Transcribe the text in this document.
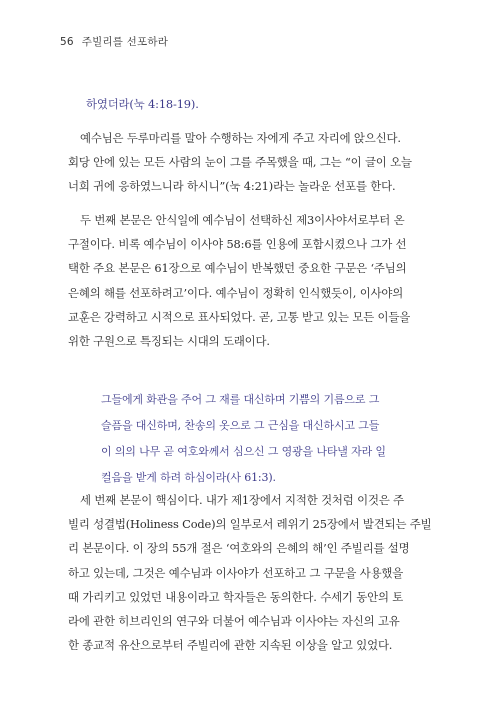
56 주빌리를 선포하라
하였더라(눅 4:18-19).
예수님은 두루마리를 말아 수행하는 자에게 주고 자리에 앉으신다.
회당 안에 있는 모든 사람의 눈이 그를 주목했을 때, 그는 “이 글이 오늘
너희 귀에 응하였느니라 하시니”(눅 4:21)라는 놀라운 선포를 한다.
두 번째 본문은 안식일에 예수님이 선택하신 제3이사야서로부터 온
구절이다. 비록 예수님이 이사야 58:6를 인용에 포함시켰으나 그가 선
택한 주요 본문은 61장으로 예수님이 반복했던 중요한 구문은 ‘주님의
은혜의 해를 선포하려고’이다. 예수님이 정확히 인식했듯이, 이사야의
교훈은 강력하고 시적으로 표사되었다. 곧, 고통 받고 있는 모든 이들을
위한 구원으로 특징되는 시대의 도래이다.
그들에게 화관을 주어 그 재를 대신하며 기쁨의 기름으로 그
슬픔을 대신하며, 찬송의 옷으로 그 근심을 대신하시고 그들
이 의의 나무 곧 여호와께서 심으신 그 영광을 나타낼 자라 일
컬음을 받게 하려 하심이라(사 61:3).
세 번째 본문이 핵심이다. 내가 제1장에서 지적한 것처럼 이것은 주
빌리 성결법(Holiness Code)의 일부로서 레위기 25장에서 발견되는 주빌
리 본문이다. 이 장의 55개 절은 ‘여호와의 은혜의 해’인 주빌리를 설명
하고 있는데, 그것은 예수님과 이사야가 선포하고 그 구문을 사용했을
때 가리키고 있었던 내용이라고 학자들은 동의한다. 수세기 동안의 토
라에 관한 히브리인의 연구와 더불어 예수님과 이사야는 자신의 고유
한 종교적 유산으로부터 주빌리에 관한 지속된 이상을 알고 있었다.
